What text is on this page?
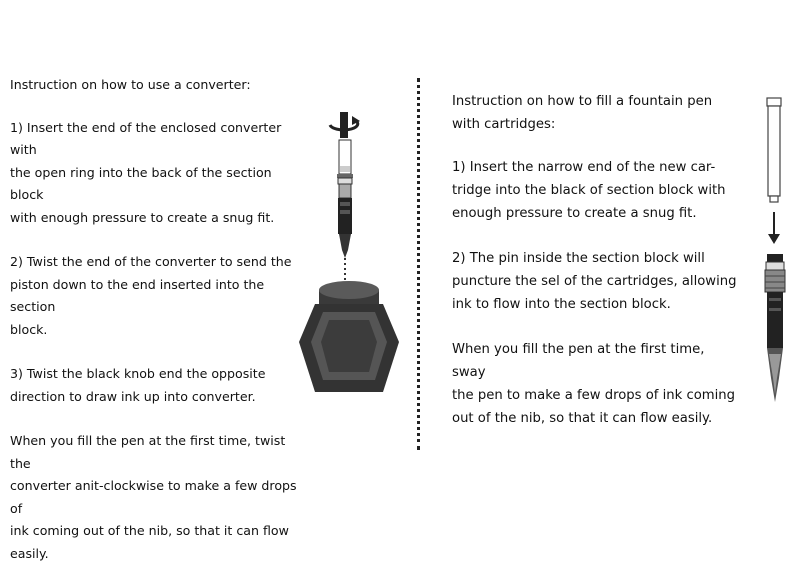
Instruction on how to use a converter:

1) Insert the end of the enclosed converter with
the open ring into the back of the section block
with enough pressure to create a snug fit.

2) Twist the end of the converter to send the
piston down to the end inserted into the section
block.

3) Twist the black knob end the opposite
direction to draw ink up into converter.

When you fill the pen at the first time, twist the
converter anit-clockwise to make a few drops of
ink coming out of the nib, so that it can flow
easily.

Instruction on how to fill a fountain pen
with cartridges:

1) Insert the narrow end of the new car-
tridge into the black of section block with
enough pressure to create a snug fit.

2) The pin inside the section block will
puncture the sel of the cartridges, allowing
ink to flow into the section block.

When you fill the pen at the first time, sway
the pen to make a few drops of ink coming
out of the nib, so that it can flow easily.
